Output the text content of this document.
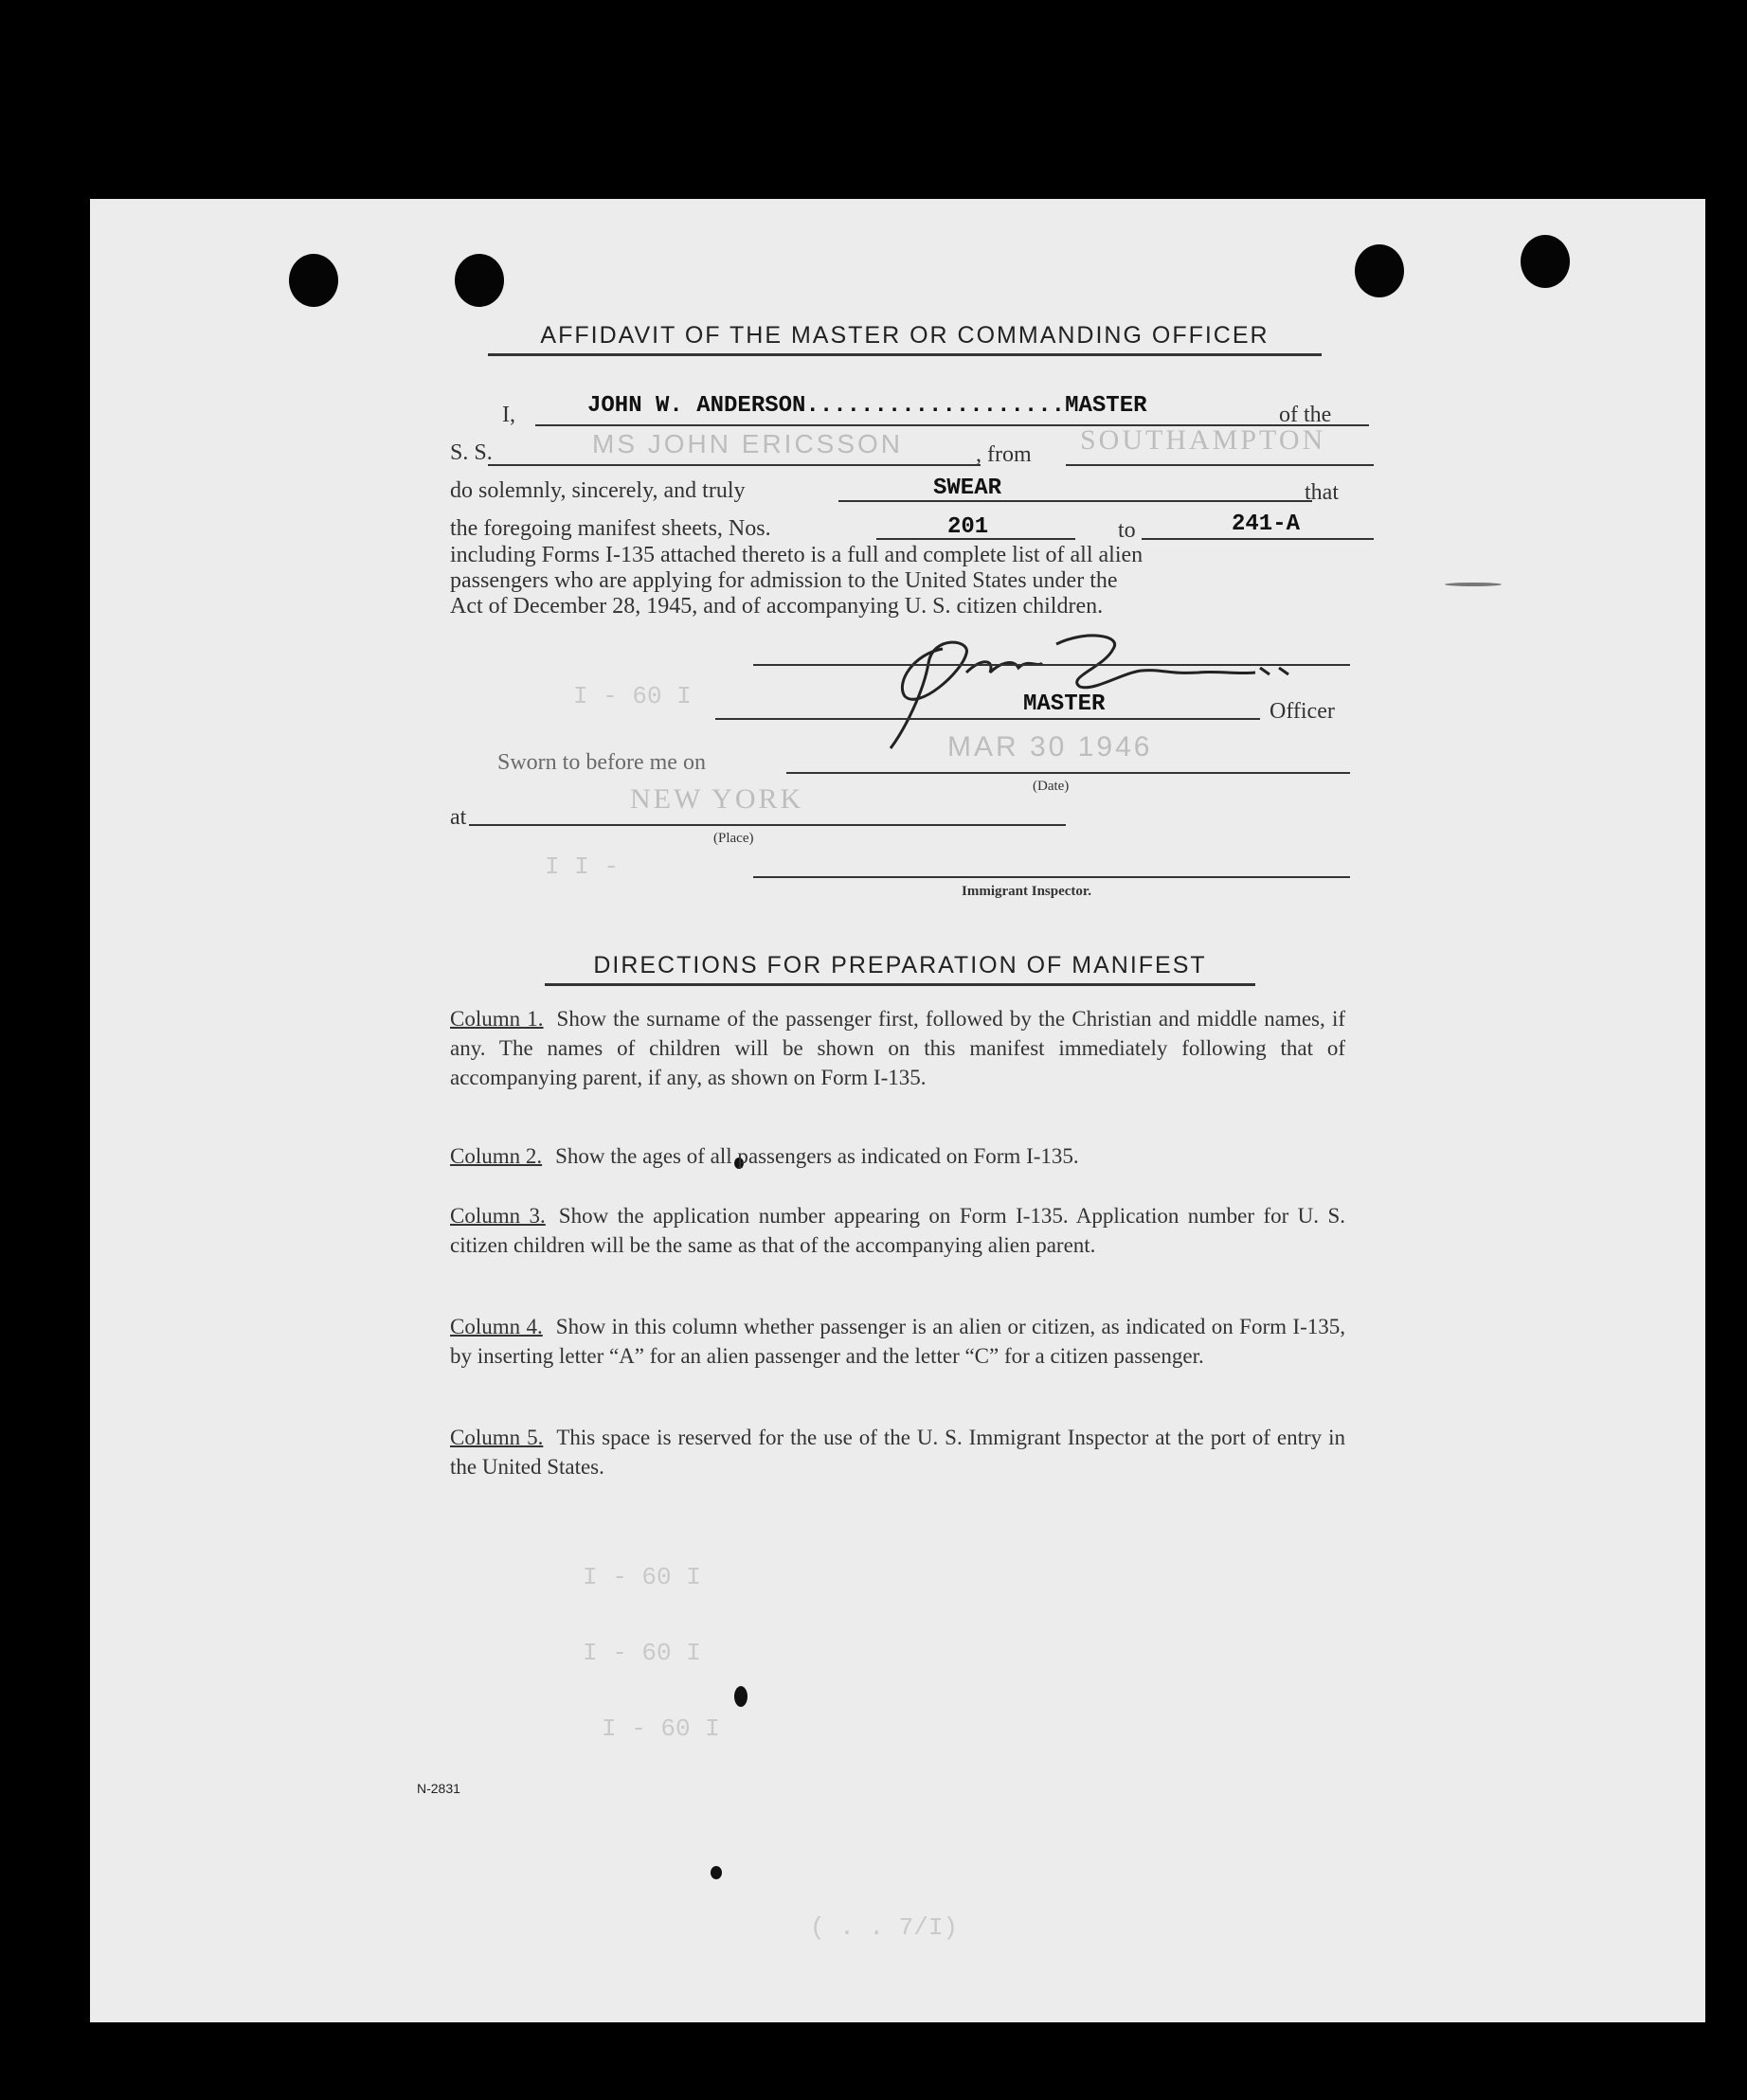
I - 60 I
I I -
I - 60 I
I - 60 I
I - 60 I
( . . 7/I)
AFFIDAVIT OF THE MASTER OR COMMANDING OFFICER
I,	JOHN W. ANDERSON...................MASTER	of the
S. S.	MS JOHN ERICSSON	, from SOUTHAMPTON
do solemnly, sincerely, and truly	SWEAR	that
the foregoing manifest sheets, Nos.	201	to	241-A
including Forms I-135 attached thereto is a full and complete list of all alien
passengers who are applying for admission to the United States under the
Act of December 28, 1945, and of accompanying U. S. citizen children.
MASTER	Officer
Sworn to before me on	MAR 30 1946
(Date)
at
NEW YORK
(Place)
Immigrant Inspector.
DIRECTIONS FOR PREPARATION OF MANIFEST
Column 1. Show the surname of the passenger first, followed by the Christian and middle names, if any. The names of children will be shown on this manifest immediately following that of accompanying parent, if any, as shown on Form I-135.
Column 2. Show the ages of all passengers as indicated on Form I-135.
Column 3. Show the application number appearing on Form I-135. Application number for U. S. citizen children will be the same as that of the accompanying alien parent.
Column 4. Show in this column whether passenger is an alien or citizen, as indicated on Form I-135, by inserting letter “A” for an alien passenger and the letter “C” for a citizen passenger.
Column 5. This space is reserved for the use of the U. S. Immigrant Inspector at the port of entry in the United States.
N-2831
